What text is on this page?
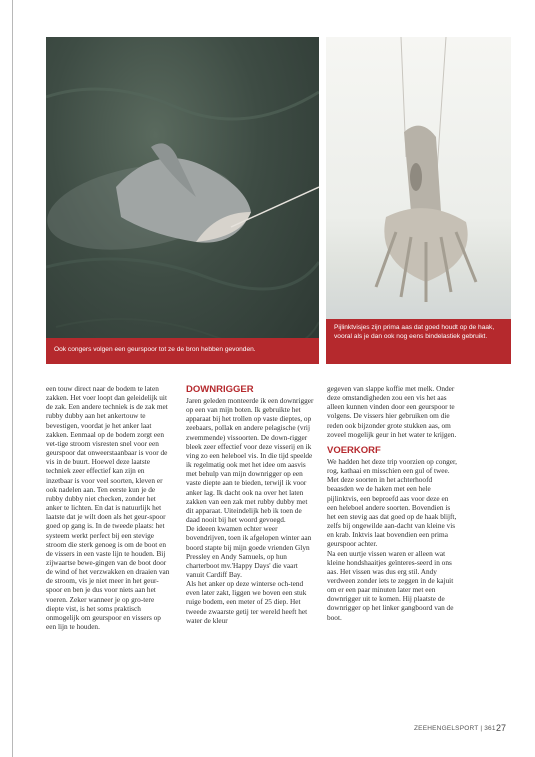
Ook congers volgen een geurspoor tot ze de bron hebben gevonden.
Pijlinktvisjes zijn prima aas dat goed houdt op de haak, vooral als je dan ook nog eens bindelastiek gebruikt.

een touw direct naar de bodem te laten zakken. Het voer loopt dan geleidelijk uit de zak. Een andere techniek is de zak met rubby dubby aan het ankertouw te bevestigen, voordat je het anker laat zakken. Eenmaal op de bodem zorgt een vet-tige stroom visresten snel voor een geurspoor dat onweerstaanbaar is voor de vis in de buurt. Hoewel deze laatste techniek zeer effectief kan zijn en inzetbaar is voor veel soorten, kleven er ook nadelen aan. Ten eerste kun je de rubby dubby niet checken, zonder het anker te lichten. En dat is natuurlijk het laatste dat je wilt doen als het geur-spoor goed op gang is. In de tweede plaats: het systeem werkt perfect bij een stevige stroom die sterk genoeg is om de boot en de vissers in een vaste lijn te houden. Bij zijwaartse bewe-gingen van de boot door de wind of het verzwakken en draaien van de stroom, vis je niet meer in het geur-spoor en ben je dus voor niets aan het voeren. Zeker wanneer je op gro-tere diepte vist, is het soms praktisch onmogelijk om geurspoor en vissers op een lijn te houden.

DOWNRIGGER

Jaren geleden monteerde ik een downrigger op een van mijn boten. Ik gebruikte het apparaat bij het trollen op vaste dieptes, op zeebaars, pollak en andere pelagische (vrij zwemmende) vissoorten. De down-rigger bleek zeer effectief voor deze visserij en ik ving zo een heleboel vis. In die tijd speelde ik regelmatig ook met het idee om aasvis met behulp van mijn downrigger op een vaste diepte aan te bieden, terwijl ik voor anker lag. Ik dacht ook na over het laten zakken van een zak met rubby dubby met dit apparaat. Uiteindelijk heb ik toen de daad nooit bij het woord gevoegd.

De ideeen kwamen echter weer bovendrijven, toen ik afgelopen winter aan boord stapte bij mijn goede vrienden Glyn Pressley en Andy Samuels, op hun charterboot mv.'Happy Days' die vaart vanuit Cardiff Bay.

Als het anker op deze winterse och-tend even later zakt, liggen we boven een stuk ruige bodem, een meter of 25 diep. Het tweede zwaarste getij ter wereld heeft het water de kleur

gegeven van slappe koffie met melk. Onder deze omstandigheden zou een vis het aas alleen kunnen vinden door een geurspoor te volgens. De vissers hier gebruiken om die reden ook bijzonder grote stukken aas, om zoveel mogelijk geur in het water te krijgen.

VOERKORF

We hadden het deze trip voorzien op conger, rog, kathaai en misschien een gul of twee. Met deze soorten in het achterhoofd beaasden we de haken met een hele pijlinktvis, een beproefd aas voor deze en een heleboel andere soorten. Bovendien is het een stevig aas dat goed op de haak blijft, zelfs bij ongewilde aan-dacht van kleine vis en krab. Inktvis laat bovendien een prima geurspoor achter.

Na een uurtje vissen waren er alleen wat kleine hondshaaitjes geïnteres-seerd in ons aas. Het vissen was dus erg stil. Andy verdween zonder iets te zeggen in de kajuit om er een paar minuten later met een downrigger uit te komen. Hij plaatste de downrigger op het linker gangboord van de boot.

ZEEHENGELSPORT | 361 27
